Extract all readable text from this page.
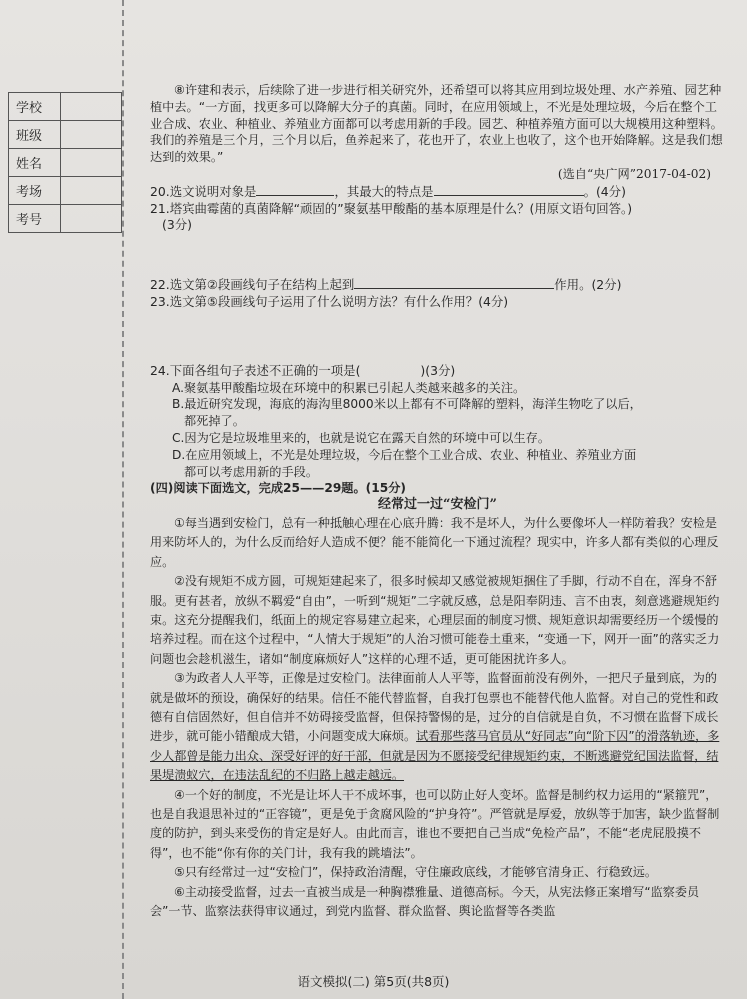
学校	
班级	
姓名	
考场	
考号	

⑧许建和表示，后续除了进一步进行相关研究外，还希望可以将其应用到垃圾处理、水产养殖、园艺种植中去。“一方面，找更多可以降解大分子的真菌。同时，在应用领域上，不光是处理垃圾，今后在整个工业合成、农业、种植业、养殖业方面都可以考虑用新的手段。园艺、种植养殖方面可以大规模用这种塑料。我们的养殖是三个月，三个月以后，鱼养起来了，花也开了，农业上也收了，这个也开始降解。这是我们想达到的效果。”

(选自“央广网”2017-04-02)

20.选文说明对象是	，其最大的特点是	。(4分)

21.塔宾曲霉菌的真菌降解“顽固的”聚氨基甲酸酯的基本原理是什么？(用原文语句回答。)

(3分)

22.选文第②段画线句子在结构上起到	作用。(2分)

23.选文第⑤段画线句子运用了什么说明方法？有什么作用？(4分)

24.下面各组句子表述不正确的一项是(	)(3分)

A.聚氨基甲酸酯垃圾在环境中的积累已引起人类越来越多的关注。

B.最近研究发现，海底的海沟里8000米以上都有不可降解的塑料，海洋生物吃了以后，

都死掉了。

C.因为它是垃圾堆里来的，也就是说它在露天自然的环境中可以生存。

D.在应用领域上，不光是处理垃圾，今后在整个工业合成、农业、种植业、养殖业方面

都可以考虑用新的手段。

(四)阅读下面选文，完成25——29题。(15分)

经常过一过“安检门”

①每当遇到安检门，总有一种抵触心理在心底升腾：我不是坏人，为什么要像坏人一样防着我？安检是用来防坏人的，为什么反而给好人造成不便？能不能简化一下通过流程？现实中，许多人都有类似的心理反应。

②没有规矩不成方圆，可规矩建起来了，很多时候却又感觉被规矩捆住了手脚，行动不自在，浑身不舒服。更有甚者，放纵不羁爱“自由”，一听到“规矩”二字就反感，总是阳奉阴违、言不由衷，刻意逃避规矩约束。这充分提醒我们，纸面上的规定容易建立起来，心理层面的制度习惯、规矩意识却需要经历一个缓慢的培养过程。而在这个过程中，“人情大于规矩”的人治习惯可能卷土重来，“变通一下，网开一面”的落实乏力问题也会趁机滋生，诸如“制度麻烦好人”这样的心理不适，更可能困扰许多人。

③为政者人人平等，正像是过安检门。法律面前人人平等，监督面前没有例外，一把尺子量到底，为的就是做坏的预设，确保好的结果。信任不能代替监督，自我打包票也不能替代他人监督。对自己的党性和政德有自信固然好，但自信并不妨碍接受监督，但保持警惕的是，过分的自信就是自负，不习惯在监督下成长进步，就可能小错酿成大错，小问题变成大麻烦。试看那些落马官员从“好同志”向“阶下囚”的滑落轨迹，多少人都曾是能力出众、深受好评的好干部，但就是因为不愿接受纪律规矩约束，不断逃避党纪国法监督，结果堤溃蚁穴，在违法乱纪的不归路上越走越远。

④一个好的制度，不光是让坏人干不成坏事，也可以防止好人变坏。监督是制约权力运用的“紧箍咒”，也是自我退思补过的“正容镜”，更是免于贪腐风险的“护身符”。严管就是厚爱，放纵等于加害，缺少监督制度的防护，到头来受伤的肯定是好人。由此而言，谁也不要把自己当成“免检产品”，不能“老虎屁股摸不得”，也不能“你有你的关门计，我有我的跳墙法”。

⑤只有经常过一过“安检门”，保持政治清醒，守住廉政底线，才能够官清身正、行稳致远。

⑥主动接受监督，过去一直被当成是一种胸襟雅量、道德高标。今天，从宪法修正案增写“监察委员会”一节、监察法获得审议通过，到党内监督、群众监督、舆论监督等各类监

语文模拟(二) 第5页(共8页)
